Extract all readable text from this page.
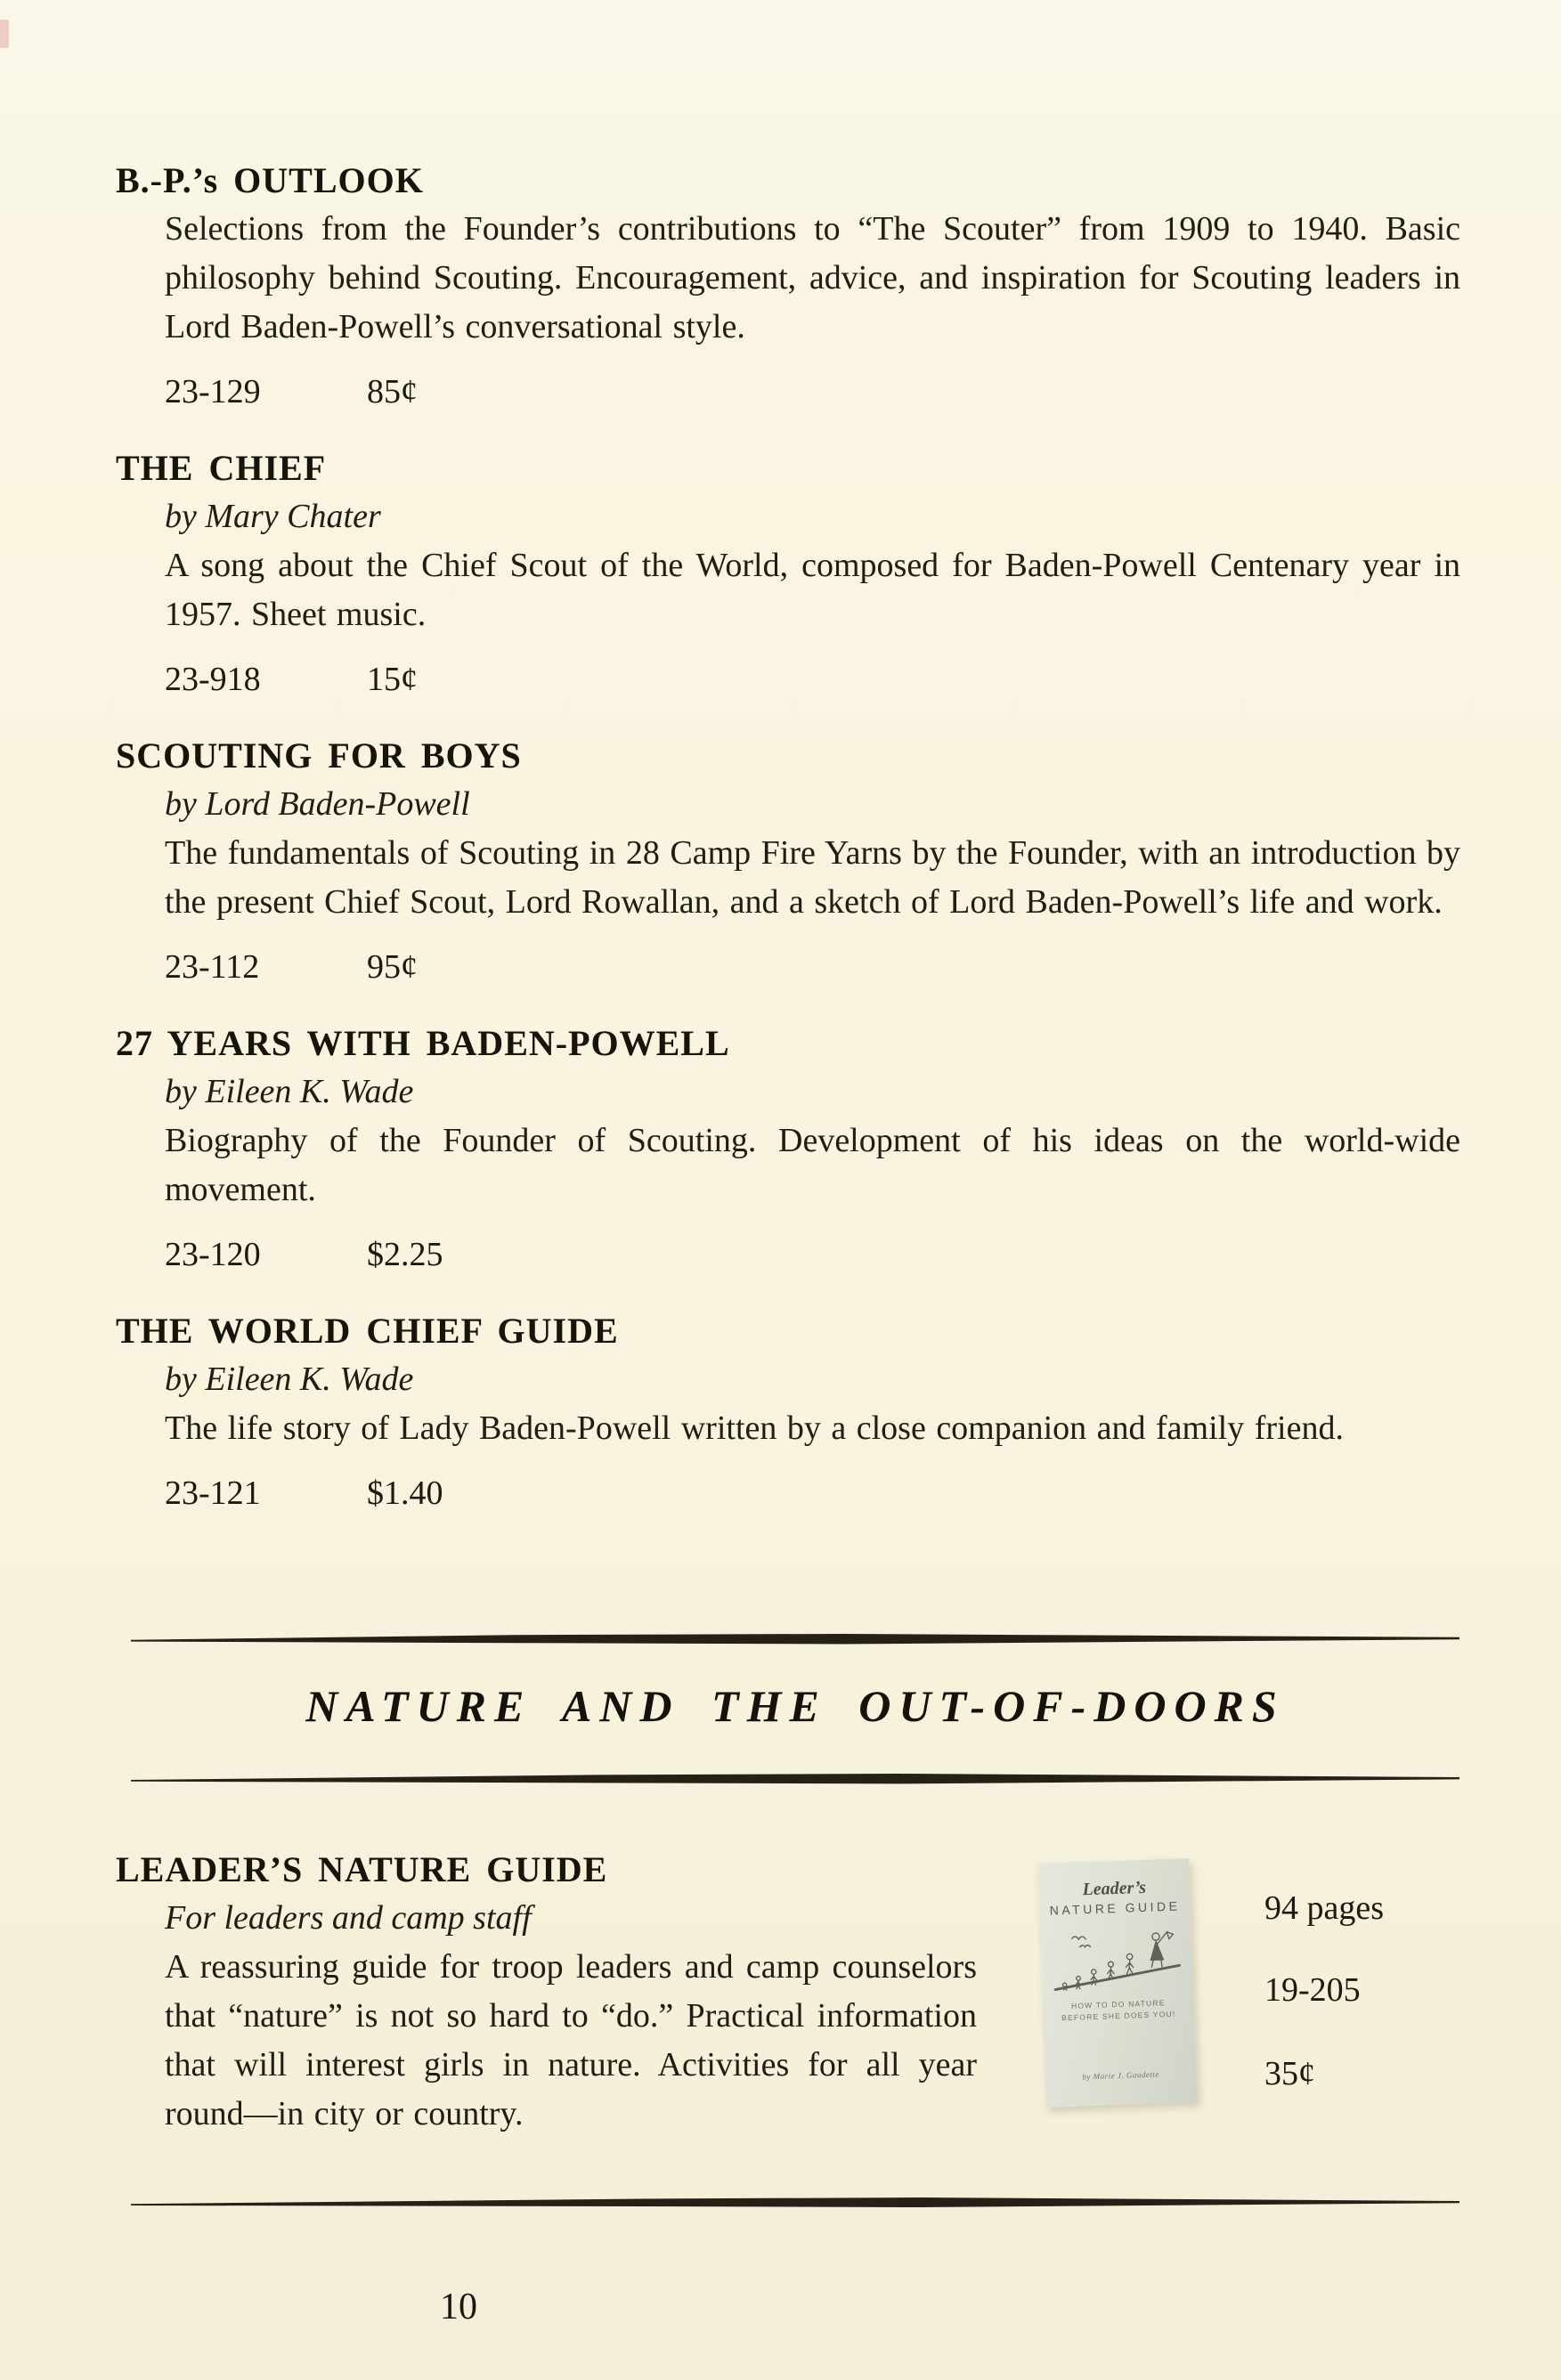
B.-P.’s OUTLOOK

Selections from the Founder’s contributions to “The Scouter” from 1909 to 1940. Basic philosophy behind Scouting. Encouragement, advice, and inspiration for Scouting leaders in Lord Baden-Powell’s conversational style.

23-129	85¢

THE CHIEF

by Mary Chater

A song about the Chief Scout of the World, composed for Baden-Powell Centenary year in 1957. Sheet music.

23-918	15¢

SCOUTING FOR BOYS

by Lord Baden-Powell

The fundamentals of Scouting in 28 Camp Fire Yarns by the Founder, with an introduction by the present Chief Scout, Lord Rowallan, and a sketch of Lord Baden-Powell’s life and work.

23-112	95¢

27 YEARS WITH BADEN-POWELL

by Eileen K. Wade

Biography of the Founder of Scouting. Development of his ideas on the world-wide movement.

23-120	$2.25

THE WORLD CHIEF GUIDE

by Eileen K. Wade

The life story of Lady Baden-Powell written by a close companion and family friend.

23-121	$1.40

NATURE AND THE OUT-OF-DOORS
LEADER’S NATURE GUIDE

For leaders and camp staff

A reassuring guide for troop leaders and camp counselors that “nature” is not so hard to “do.” Practical information that will interest girls in nature. Activities for all year round—in city or country.

Leader’s
NATURE GUIDE
HOW TO DO NATURE
BEFORE SHE DOES YOU!
by Marie J. Gaudette
94 pages
19-205
35¢
10
